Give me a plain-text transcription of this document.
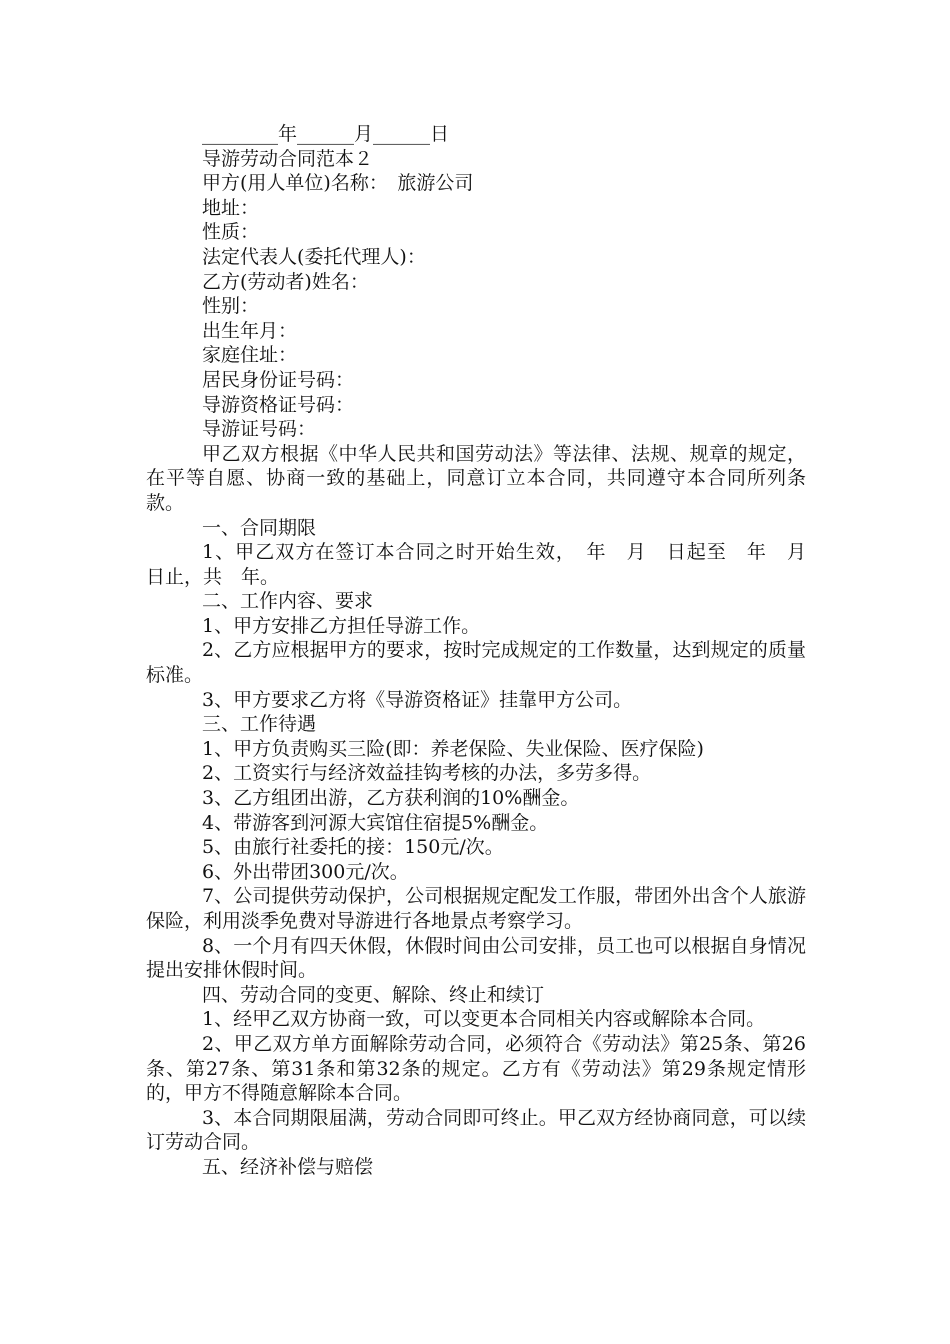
________年______月______日
导游劳动合同范本２
甲方(用人单位)名称：　旅游公司
地址：
性质：
法定代表人(委托代理人)：
乙方(劳动者)姓名：
性别：
出生年月：
家庭住址：
居民身份证号码：
导游资格证号码：
导游证号码：

甲乙双方根据《中华人民共和国劳动法》等法律、法规、规章的规定，在平等自愿、协商一致的基础上，同意订立本合同，共同遵守本合同所列条款。

一、合同期限

1、甲乙双方在签订本合同之时开始生效，　年　月　日起至　年　月　日止，共　年。

二、工作内容、要求

1、甲方安排乙方担任导游工作。

2、乙方应根据甲方的要求，按时完成规定的工作数量，达到规定的质量标准。

3、甲方要求乙方将《导游资格证》挂靠甲方公司。

三、工作待遇

1、甲方负责购买三险(即：养老保险、失业保险、医疗保险)

2、工资实行与经济效益挂钩考核的办法，多劳多得。

3、乙方组团出游，乙方获利润的10%酬金。

4、带游客到河源大宾馆住宿提5%酬金。

5、由旅行社委托的接：150元/次。

6、外出带团300元/次。

7、公司提供劳动保护，公司根据规定配发工作服，带团外出含个人旅游保险，利用淡季免费对导游进行各地景点考察学习。

8、一个月有四天休假，休假时间由公司安排，员工也可以根据自身情况提出安排休假时间。

四、劳动合同的变更、解除、终止和续订

1、经甲乙双方协商一致，可以变更本合同相关内容或解除本合同。

2、甲乙双方单方面解除劳动合同，必须符合《劳动法》第25条、第26条、第27条、第31条和第32条的规定。乙方有《劳动法》第29条规定情形的，甲方不得随意解除本合同。

3、本合同期限届满，劳动合同即可终止。甲乙双方经协商同意，可以续订劳动合同。

五、经济补偿与赔偿
